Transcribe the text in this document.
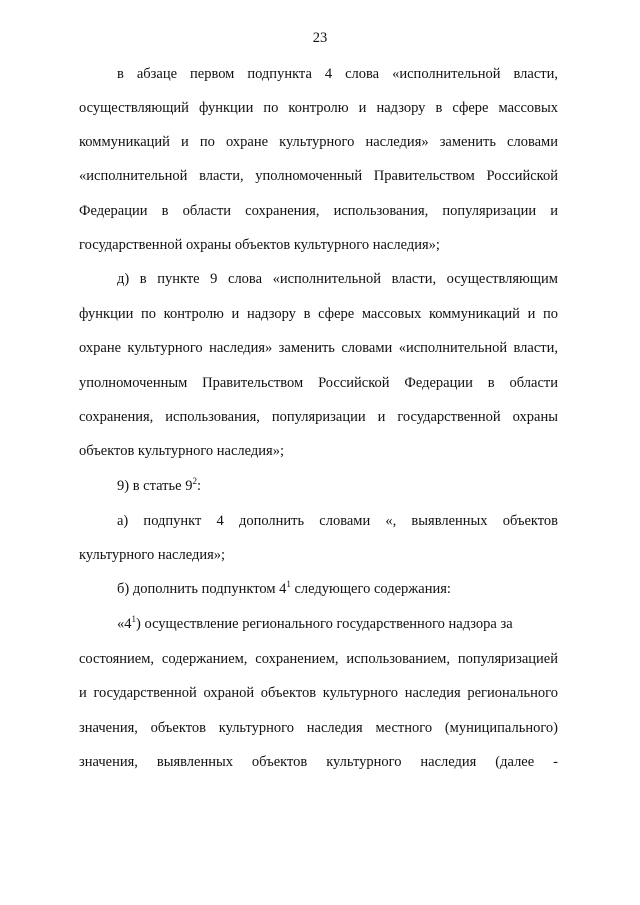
23
в абзаце первом подпункта 4 слова «исполнительной власти,
осуществляющий функции по контролю и надзору в сфере массовых
коммуникаций и по охране культурного наследия» заменить словами
«исполнительной власти, уполномоченный Правительством Российской
Федерации в области сохранения, использования, популяризации и
государственной охраны объектов культурного наследия»;
д) в пункте 9 слова «исполнительной власти, осуществляющим
функции по контролю и надзору в сфере массовых коммуникаций и по
охране культурного наследия» заменить словами «исполнительной власти,
уполномоченным Правительством Российской Федерации в области
сохранения, использования, популяризации и государственной охраны
объектов культурного наследия»;
9) в статье $9^2$:
а) подпункт 4 дополнить словами «, выявленных объектов
культурного наследия»;
б) дополнить подпунктом $4^1$ следующего содержания:
«$4^1$) осуществление регионального государственного надзора за
состоянием, содержанием, сохранением, использованием, популяризацией
и государственной охраной объектов культурного наследия регионального
значения, объектов культурного наследия местного (муниципального)
значения, выявленных объектов культурного наследия (далее -
